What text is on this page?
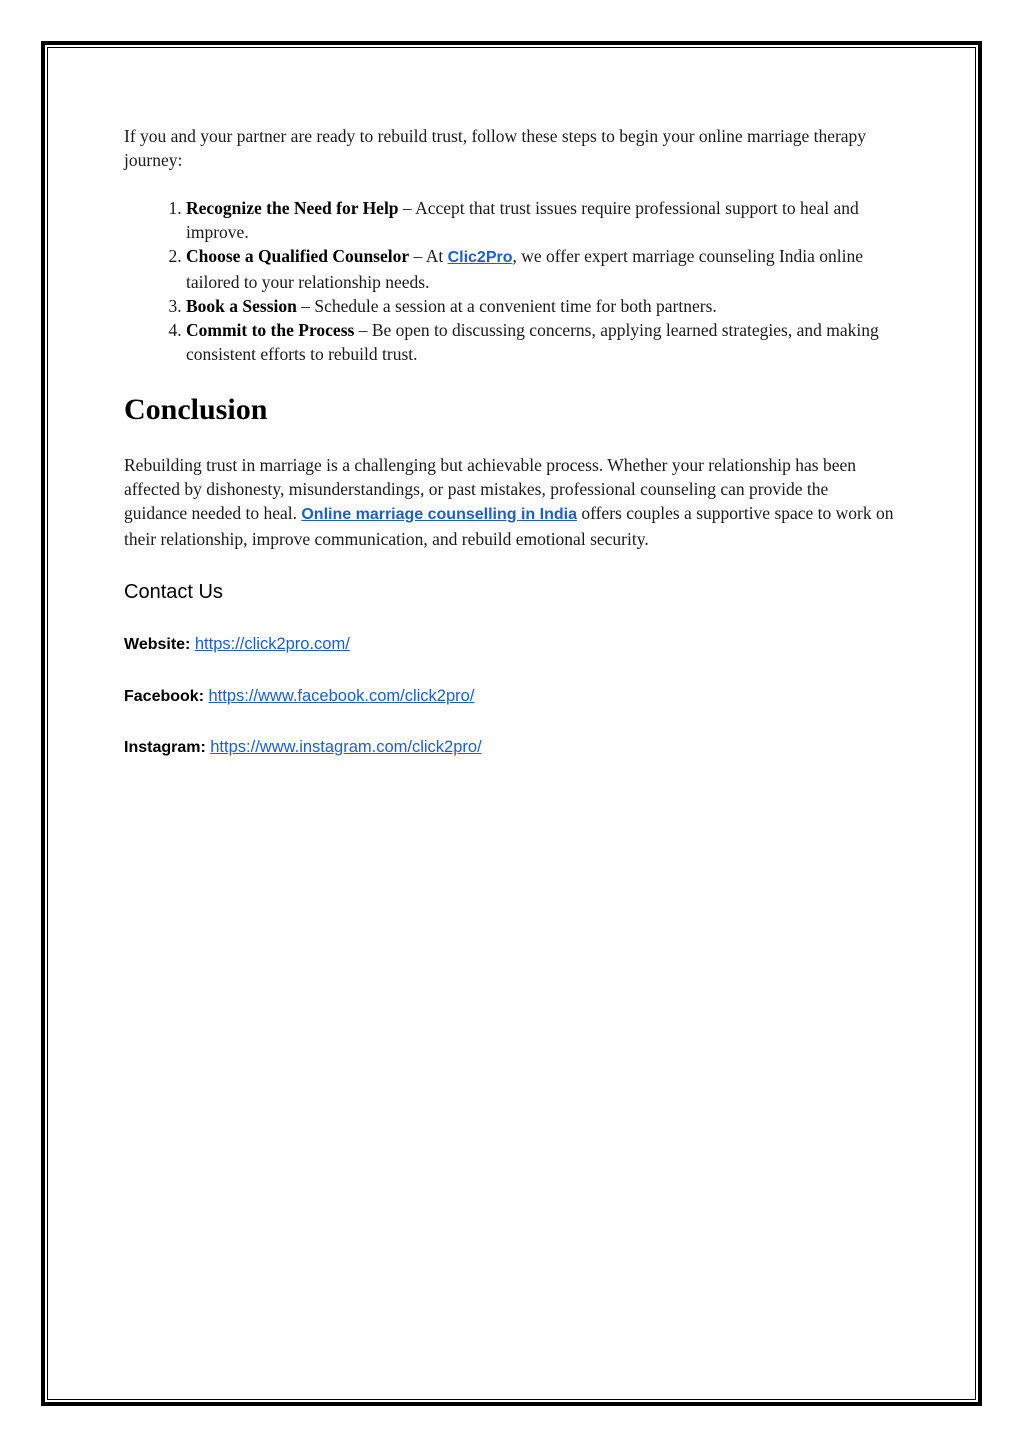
If you and your partner are ready to rebuild trust, follow these steps to begin your online marriage therapy journey:

1. Recognize the Need for Help – Accept that trust issues require professional support to heal and improve.
2. Choose a Qualified Counselor – At Clic2Pro, we offer expert marriage counseling India online tailored to your relationship needs.
3. Book a Session – Schedule a session at a convenient time for both partners.
4. Commit to the Process – Be open to discussing concerns, applying learned strategies, and making consistent efforts to rebuild trust.
Conclusion

Rebuilding trust in marriage is a challenging but achievable process. Whether your relationship has been affected by dishonesty, misunderstandings, or past mistakes, professional counseling can provide the guidance needed to heal. Online marriage counselling in India offers couples a supportive space to work on their relationship, improve communication, and rebuild emotional security.

Contact Us
Website: https://click2pro.com/
Facebook: https://www.facebook.com/click2pro/
Instagram: https://www.instagram.com/click2pro/
